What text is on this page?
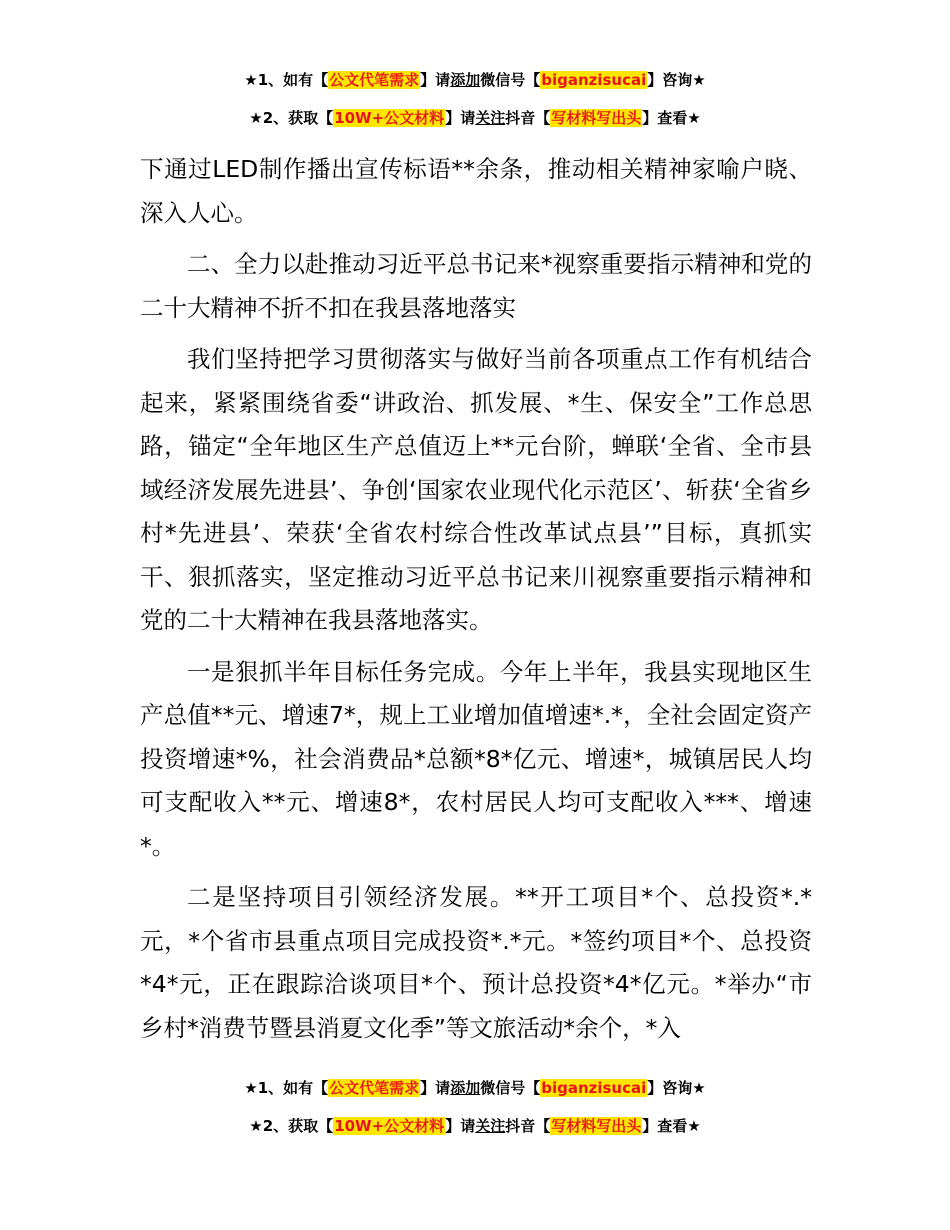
★1、如有【公文代笔需求】请添加微信号【biganzisucai】咨询★
★2、获取【10W+公文材料】请关注抖音【写材料写出头】查看★

下通过LED制作播出宣传标语**余条，推动相关精神家喻户晓、深入人心。

二、全力以赴推动习近平总书记来*视察重要指示精神和党的二十大精神不折不扣在我县落地落实

我们坚持把学习贯彻落实与做好当前各项重点工作有机结合起来，紧紧围绕省委“讲政治、抓发展、*生、保安全”工作总思路，锚定“全年地区生产总值迈上**元台阶，蝉联‘全省、全市县域经济发展先进县’、争创‘国家农业现代化示范区’、斩获‘全省乡村*先进县’、荣获‘全省农村综合性改革试点县’”目标，真抓实干、狠抓落实，坚定推动习近平总书记来川视察重要指示精神和党的二十大精神在我县落地落实。

一是狠抓半年目标任务完成。今年上半年，我县实现地区生产总值**元、增速7*，规上工业增加值增速*.*，全社会固定资产投资增速*%，社会消费品*总额*8*亿元、增速*，城镇居民人均可支配收入**元、增速8*，农村居民人均可支配收入***、增速*。

二是坚持项目引领经济发展。**开工项目*个、总投资*.*元，*个省市县重点项目完成投资*.*元。*签约项目*个、总投资*4*元，正在跟踪洽谈项目*个、预计总投资*4*亿元。*举办“市乡村*消费节暨县消夏文化季”等文旅活动*余个，*入

★1、如有【公文代笔需求】请添加微信号【biganzisucai】咨询★
★2、获取【10W+公文材料】请关注抖音【写材料写出头】查看★
